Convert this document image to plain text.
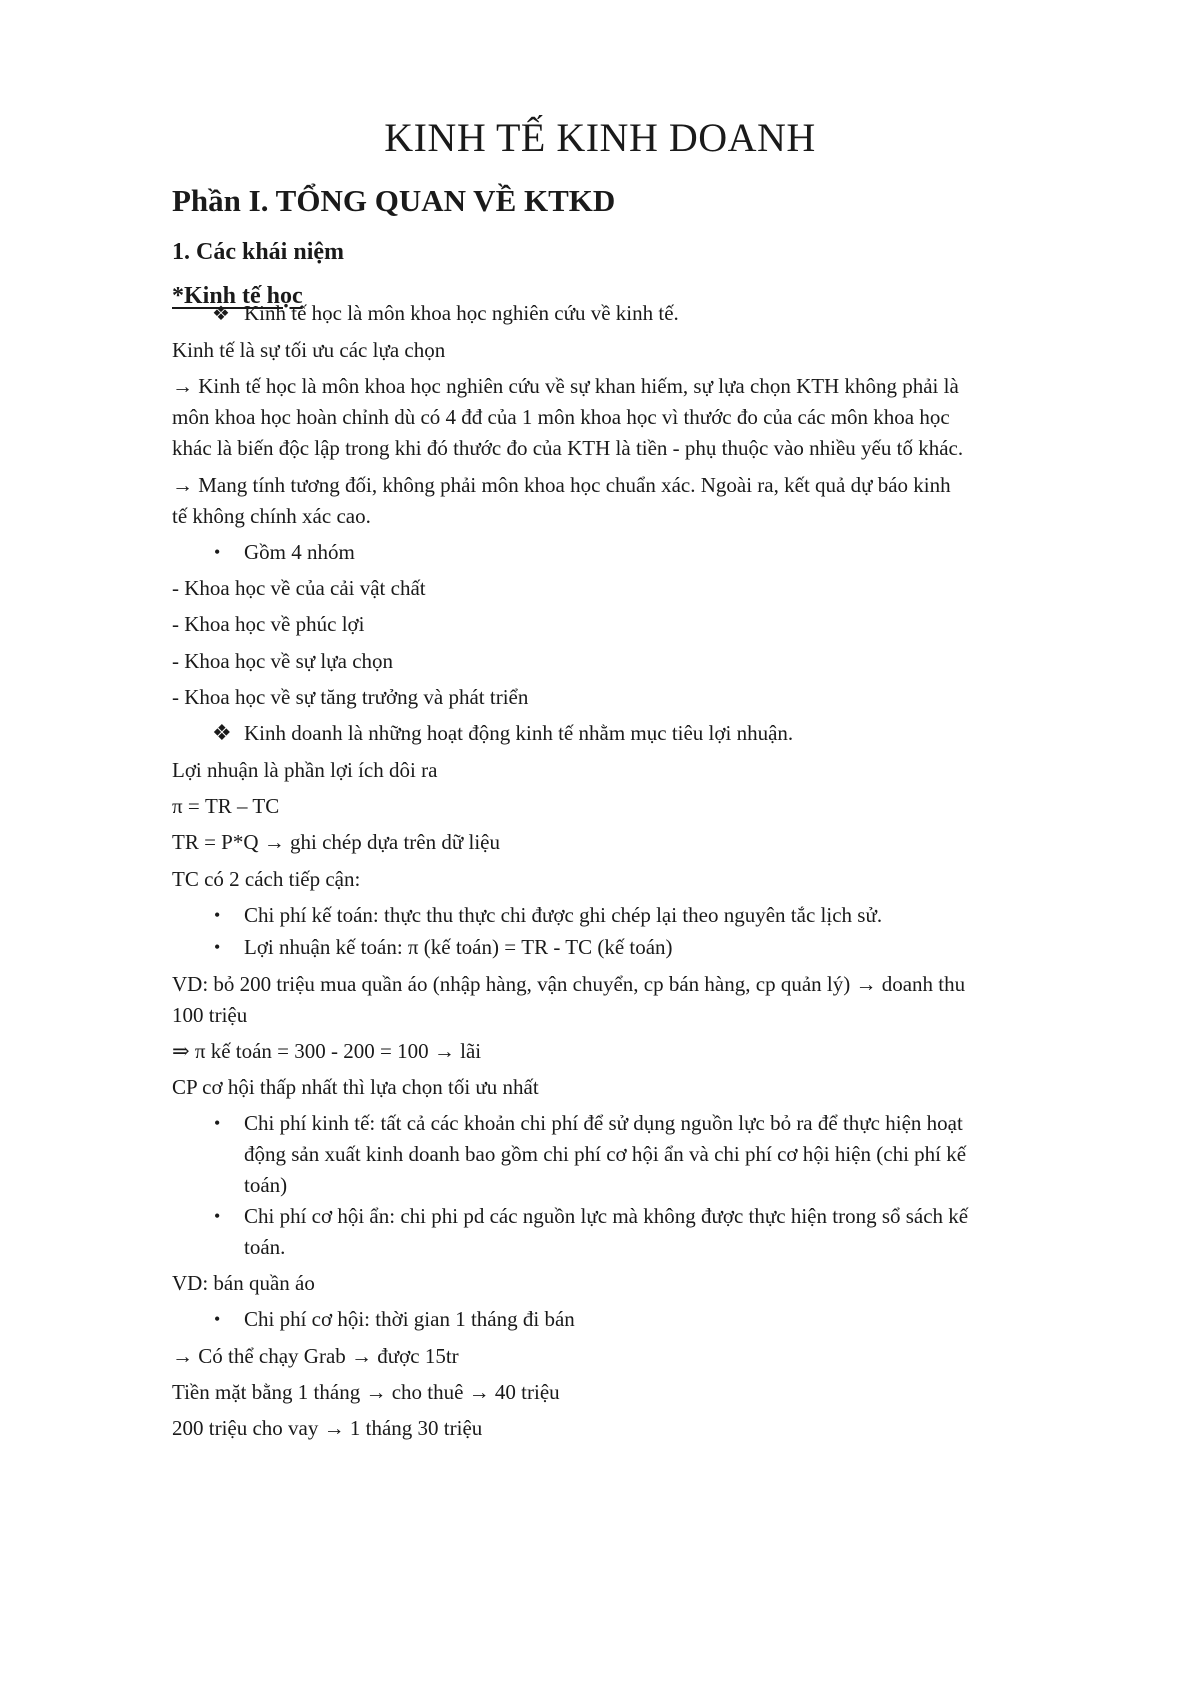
KINH TẾ KINH DOANH
Phần I. TỔNG QUAN VỀ KTKD
1. Các khái niệm
*Kinh tế học
❖ Kinh tế học là môn khoa học nghiên cứu về kinh tế.
Kinh tế là sự tối ưu các lựa chọn
→ Kinh tế học là môn khoa học nghiên cứu về sự khan hiếm, sự lựa chọn KTH không phải là
môn khoa học hoàn chỉnh dù có 4 đđ của 1 môn khoa học vì thước đo của các môn khoa học
khác là biến độc lập trong khi đó thước đo của KTH là tiền - phụ thuộc vào nhiều yếu tố khác.
→ Mang tính tương đối, không phải môn khoa học chuẩn xác. Ngoài ra, kết quả dự báo kinh
tế không chính xác cao.
• Gồm 4 nhóm
- Khoa học về của cải vật chất
- Khoa học về phúc lợi
- Khoa học về sự lựa chọn
- Khoa học về sự tăng trưởng và phát triển
❖ Kinh doanh là những hoạt động kinh tế nhằm mục tiêu lợi nhuận.
Lợi nhuận là phần lợi ích dôi ra
π = TR – TC
TR = P*Q → ghi chép dựa trên dữ liệu
TC có 2 cách tiếp cận:
• Chi phí kế toán: thực thu thực chi được ghi chép lại theo nguyên tắc lịch sử.
• Lợi nhuận kế toán: π (kế toán) = TR - TC (kế toán)
VD: bỏ 200 triệu mua quần áo (nhập hàng, vận chuyển, cp bán hàng, cp quản lý) → doanh thu
100 triệu
⇒ π kế toán = 300 - 200 = 100 → lãi
CP cơ hội thấp nhất thì lựa chọn tối ưu nhất
• Chi phí kinh tế: tất cả các khoản chi phí để sử dụng nguồn lực bỏ ra để thực hiện hoạt
động sản xuất kinh doanh bao gồm chi phí cơ hội ẩn và chi phí cơ hội hiện (chi phí kế
toán)
• Chi phí cơ hội ẩn: chi phi pd các nguồn lực mà không được thực hiện trong sổ sách kế
toán.
VD: bán quần áo
• Chi phí cơ hội: thời gian 1 tháng đi bán
→ Có thể chạy Grab → được 15tr
Tiền mặt bằng 1 tháng → cho thuê → 40 triệu
200 triệu cho vay → 1 tháng 30 triệu
